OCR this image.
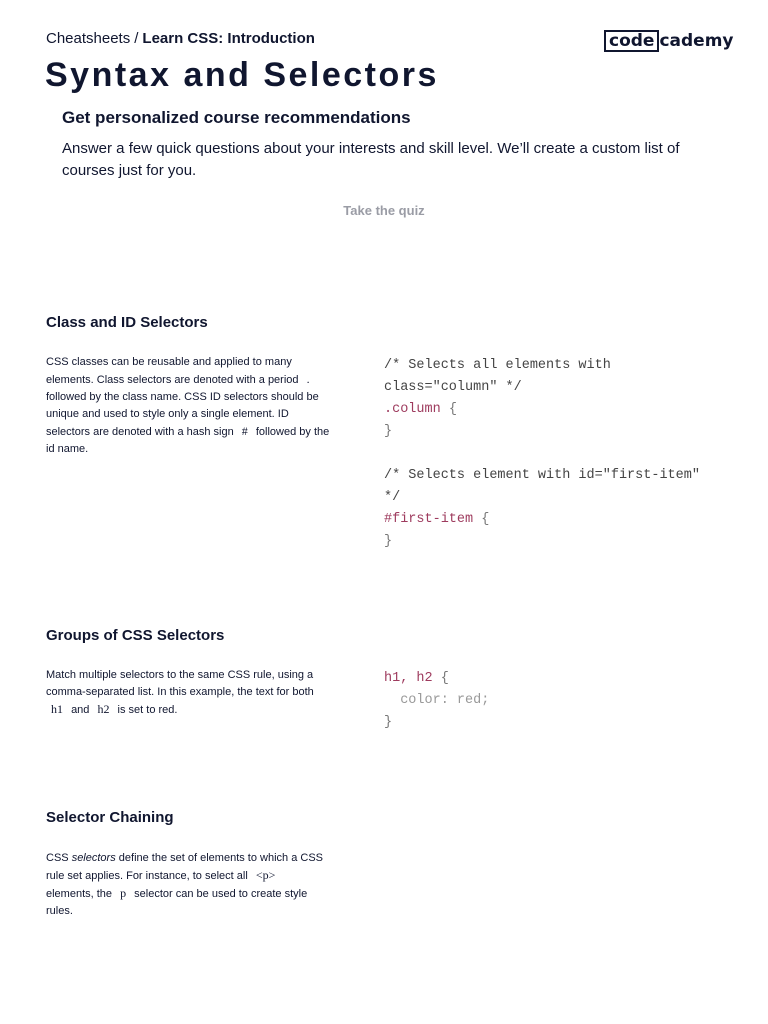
Cheatsheets / Learn CSS: Introduction	code cademy
Syntax and Selectors
Get personalized course recommendations
Answer a few quick questions about your interests and skill level. We’ll create a custom list of courses just for you.
Take the quiz
Class and ID Selectors
CSS classes can be reusable and applied to many elements. Class selectors are denoted with a period . followed by the class name. CSS ID selectors should be unique and used to style only a single element. ID selectors are denoted with a hash sign # followed by the id name.
/* Selects all elements with
class="column" */
.column {
}

/* Selects element with id="first-item"
*/
#first-item {
}
Groups of CSS Selectors
Match multiple selectors to the same CSS rule, using a comma-separated list. In this example, the text for both h1 and h2 is set to red.
h1, h2 {
color: red;
}
Selector Chaining
CSS selectors define the set of elements to which a CSS rule set applies. For instance, to select all <p> elements, the p selector can be used to create style rules.
